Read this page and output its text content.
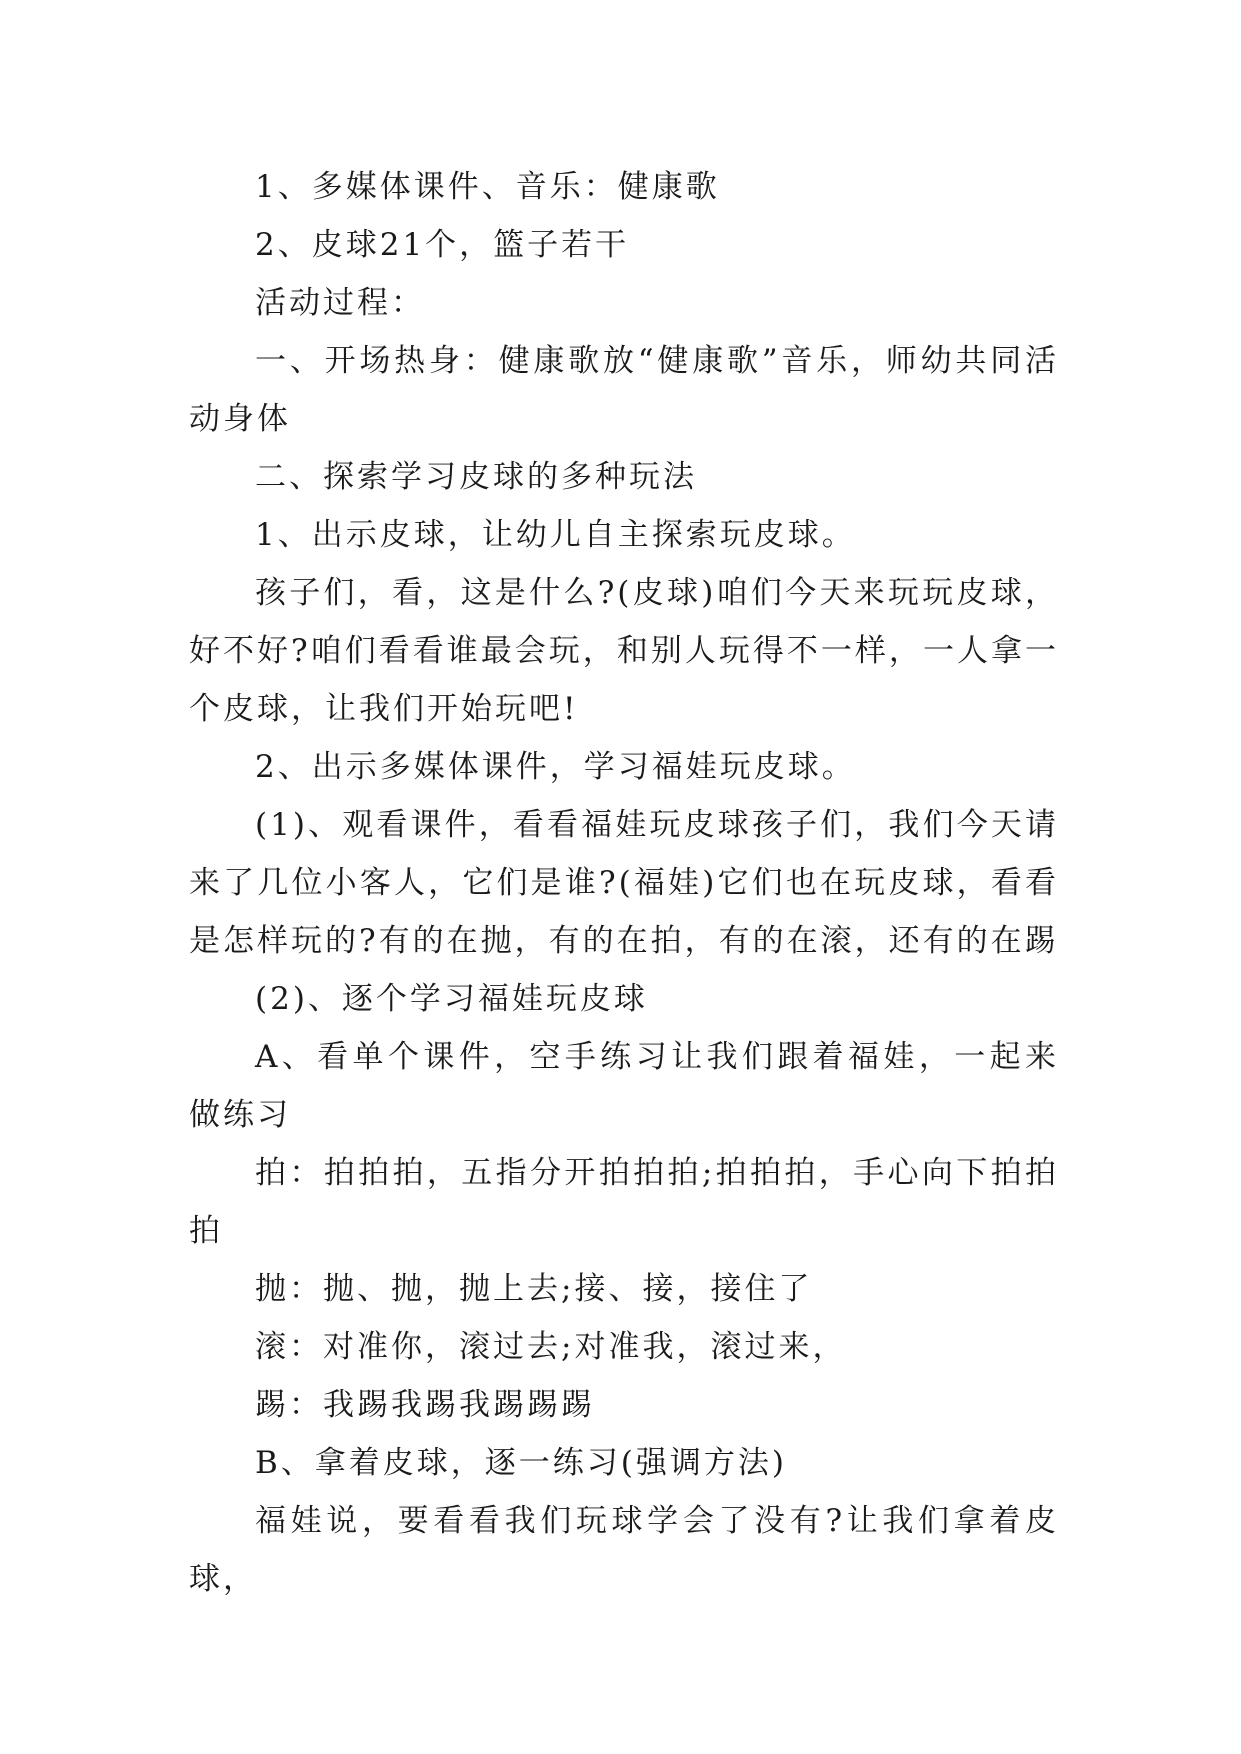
1、多媒体课件、音乐：健康歌

2、皮球21个，篮子若干

活动过程：

一、开场热身：健康歌放“健康歌”音乐，师幼共同活动身体

二、探索学习皮球的多种玩法

1、出示皮球，让幼儿自主探索玩皮球。

孩子们，看，这是什么?(皮球)咱们今天来玩玩皮球，好不好?咱们看看谁最会玩，和别人玩得不一样，一人拿一个皮球，让我们开始玩吧!

2、出示多媒体课件，学习福娃玩皮球。

(1)、观看课件，看看福娃玩皮球孩子们，我们今天请来了几位小客人，它们是谁?(福娃)它们也在玩皮球，看看是怎样玩的?有的在抛，有的在拍，有的在滚，还有的在踢

(2)、逐个学习福娃玩皮球

A、看单个课件，空手练习让我们跟着福娃，一起来做练习

拍：拍拍拍，五指分开拍拍拍;拍拍拍，手心向下拍拍拍

抛：抛、抛，抛上去;接、接，接住了

滚：对准你，滚过去;对准我，滚过来，

踢：我踢我踢我踢踢踢

B、拿着皮球，逐一练习(强调方法)

福娃说，要看看我们玩球学会了没有?让我们拿着皮球，
